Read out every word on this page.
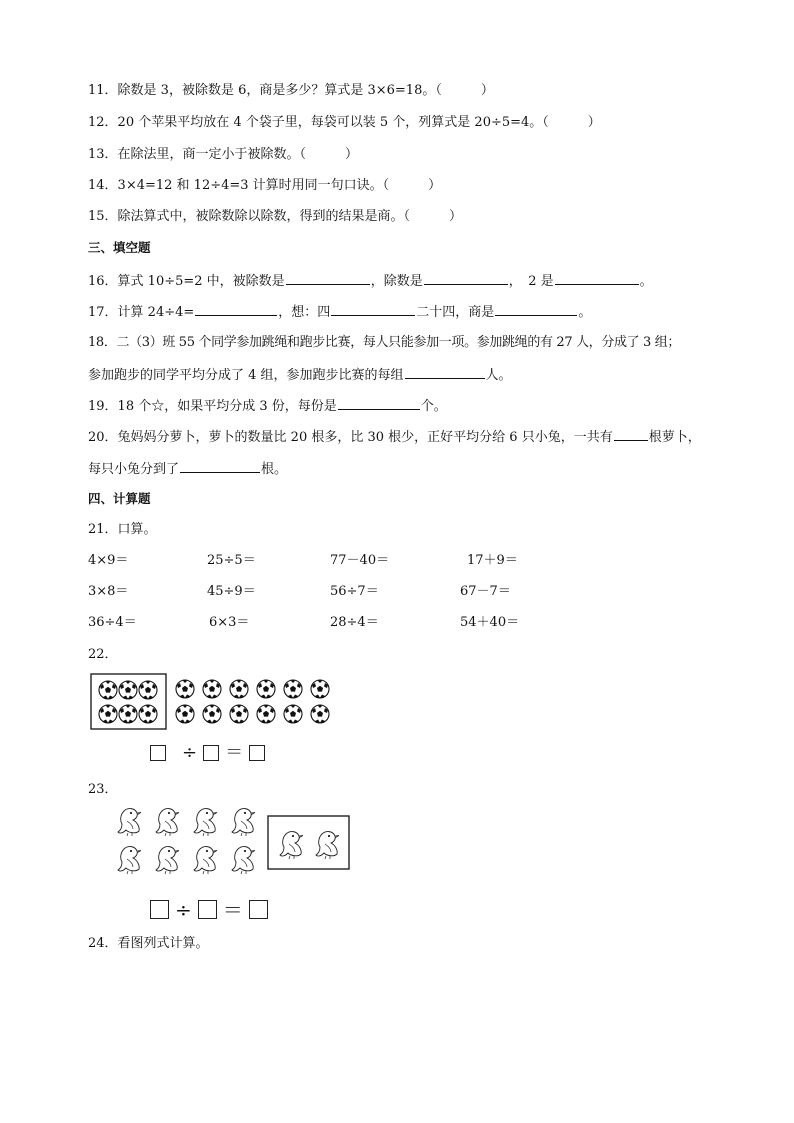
11．除数是 3，被除数是 6，商是多少？算式是 3×6=18。（　　　）
12．20 个苹果平均放在 4 个袋子里，每袋可以装 5 个，列算式是 20÷5=4。（　　　）
13．在除法里，商一定小于被除数。（　　　）
14．3×4=12 和 12÷4=3 计算时用同一句口诀。（　　　）
15．除法算式中，被除数除以除数，得到的结果是商。（　　　）
三、填空题
16．算式 10÷5=2 中，被除数是	，除数是	，　2 是	。
17．计算 24÷4=	，想：四	二十四，商是	。
18．二（3）班 55 个同学参加跳绳和跑步比赛，每人只能参加一项。参加跳绳的有 27 人，分成了 3 组；
参加跑步的同学平均分成了 4 组，参加跑步比赛的每组	人。
19．18 个☆，如果平均分成 3 份，每份是	个。
20．兔妈妈分萝卜，萝卜的数量比 20 根多，比 30 根少，正好平均分给 6 只小兔，一共有	根萝卜，
每只小兔分到了	根。
四、计算题
21．口算。
4×9＝	25÷5＝	77－40＝	17＋9＝
3×8＝	45÷9＝	56÷7＝	67－7＝
36÷4＝	6×3＝	28÷4＝	54＋40＝
22．
÷ ＝
23．
÷ ＝
24．看图列式计算。
